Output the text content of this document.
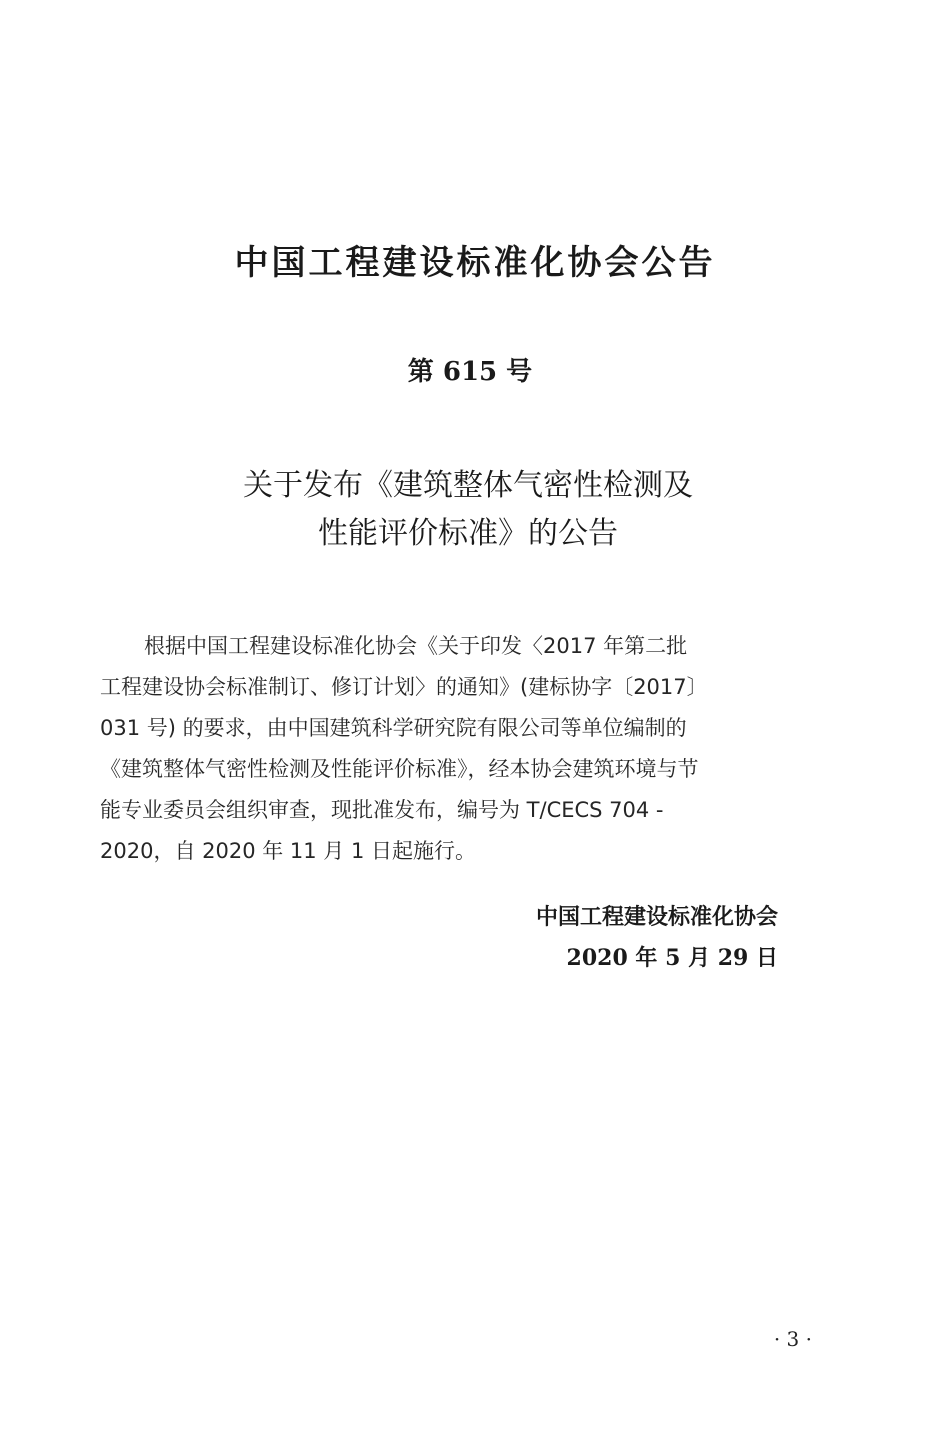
中国工程建设标准化协会公告
第 615 号
关于发布《建筑整体气密性检测及
性能评价标准》的公告
根据中国工程建设标准化协会《关于印发〈2017 年第二批
工程建设协会标准制订、修订计划〉的通知》(建标协字〔2017〕
031 号) 的要求，由中国建筑科学研究院有限公司等单位编制的
《建筑整体气密性检测及性能评价标准》，经本协会建筑环境与节
能专业委员会组织审查，现批准发布，编号为 T/CECS 704 -
2020，自 2020 年 11 月 1 日起施行。
中国工程建设标准化协会
2020 年 5 月 29 日
· 3 ·
